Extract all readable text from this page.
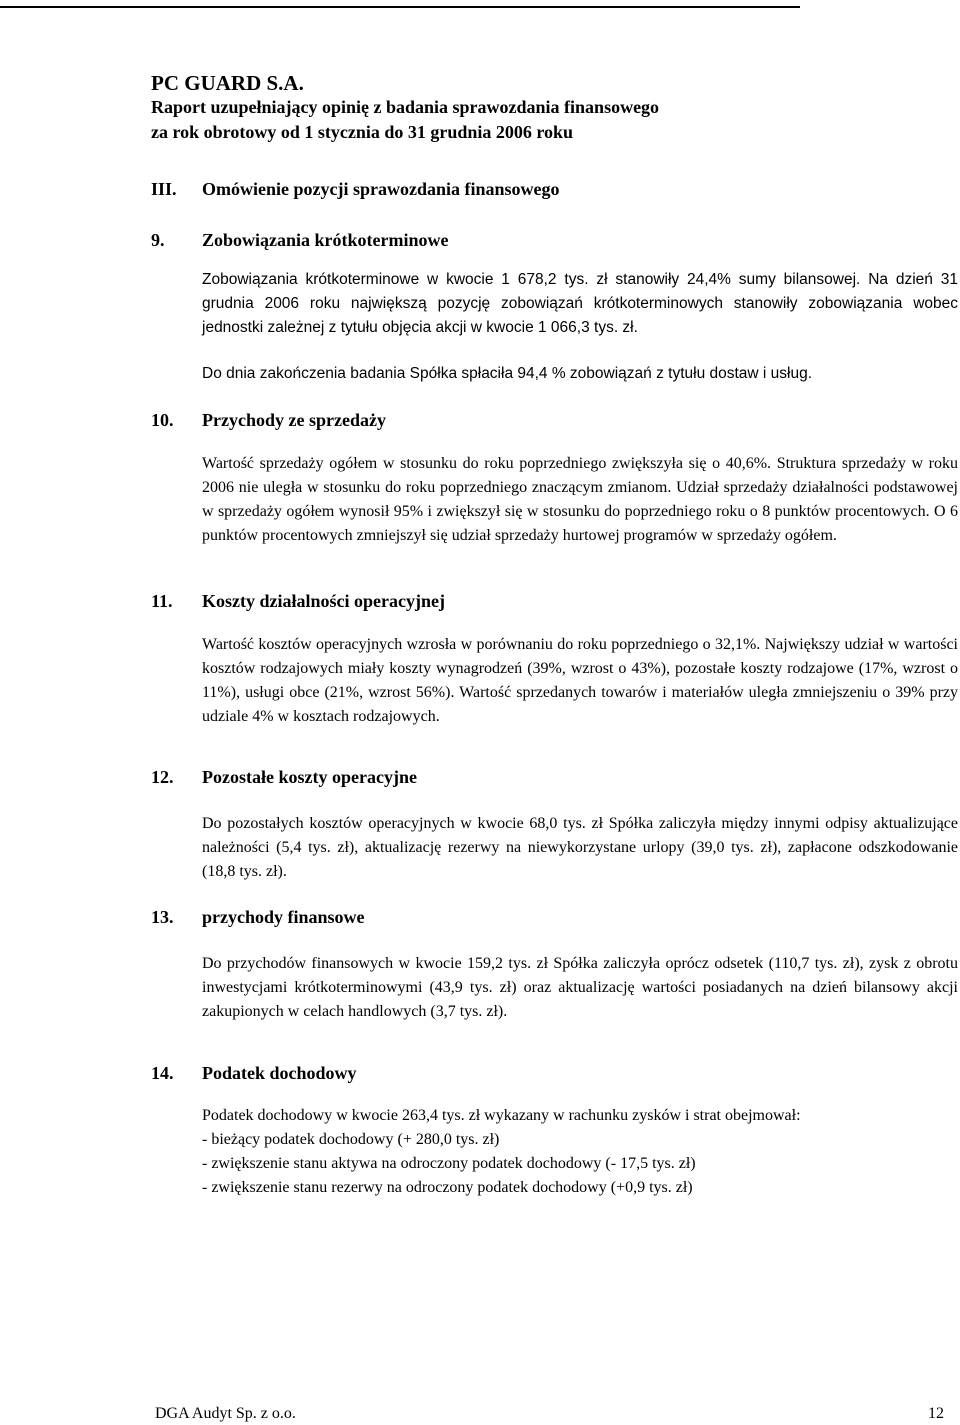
PC GUARD S.A.
Raport uzupełniający opinię z badania sprawozdania finansowego
za rok obrotowy od 1 stycznia do 31 grudnia 2006 roku
III. Omówienie pozycji sprawozdania finansowego
9. Zobowiązania krótkoterminowe
Zobowiązania krótkoterminowe w kwocie 1 678,2 tys. zł stanowiły 24,4% sumy bilansowej. Na dzień 31 grudnia 2006 roku największą pozycję zobowiązań krótkoterminowych stanowiły zobowiązania wobec jednostki zależnej z tytułu objęcia akcji w kwocie 1 066,3 tys. zł.
Do dnia zakończenia badania Spółka spłaciła 94,4 % zobowiązań z tytułu dostaw i usług.
10. Przychody ze sprzedaży
Wartość sprzedaży ogółem w stosunku do roku poprzedniego zwiększyła się o 40,6%. Struktura sprzedaży w roku 2006 nie uległa w stosunku do roku poprzedniego znaczącym zmianom. Udział sprzedaży działalności podstawowej w sprzedaży ogółem wynosił 95% i zwiększył się w stosunku do poprzedniego roku o 8 punktów procentowych. O 6 punktów procentowych zmniejszył się udział sprzedaży hurtowej programów w sprzedaży ogółem.
11. Koszty działalności operacyjnej
Wartość kosztów operacyjnych wzrosła w porównaniu do roku poprzedniego o 32,1%. Największy udział w wartości kosztów rodzajowych miały koszty wynagrodzeń (39%, wzrost o 43%), pozostałe koszty rodzajowe (17%, wzrost o 11%), usługi obce (21%, wzrost 56%). Wartość sprzedanych towarów i materiałów uległa zmniejszeniu o 39% przy udziale 4% w kosztach rodzajowych.
12. Pozostałe koszty operacyjne
Do pozostałych kosztów operacyjnych w kwocie 68,0 tys. zł Spółka zaliczyła między innymi odpisy aktualizujące należności (5,4 tys. zł), aktualizację rezerwy na niewykorzystane urlopy (39,0 tys. zł), zapłacone odszkodowanie (18,8 tys. zł).
13. przychody finansowe
Do przychodów finansowych w kwocie 159,2 tys. zł Spółka zaliczyła oprócz odsetek (110,7 tys. zł), zysk z obrotu inwestycjami krótkoterminowymi (43,9 tys. zł) oraz aktualizację wartości posiadanych na dzień bilansowy akcji zakupionych w celach handlowych (3,7 tys. zł).
14. Podatek dochodowy
Podatek dochodowy w kwocie 263,4 tys. zł wykazany w rachunku zysków i strat obejmował:
- bieżący podatek dochodowy (+ 280,0 tys. zł)
- zwiększenie stanu aktywa na odroczony podatek dochodowy (- 17,5 tys. zł)
- zwiększenie stanu rezerwy na odroczony podatek dochodowy (+0,9 tys. zł)
DGA Audyt Sp. z o.o.	12
